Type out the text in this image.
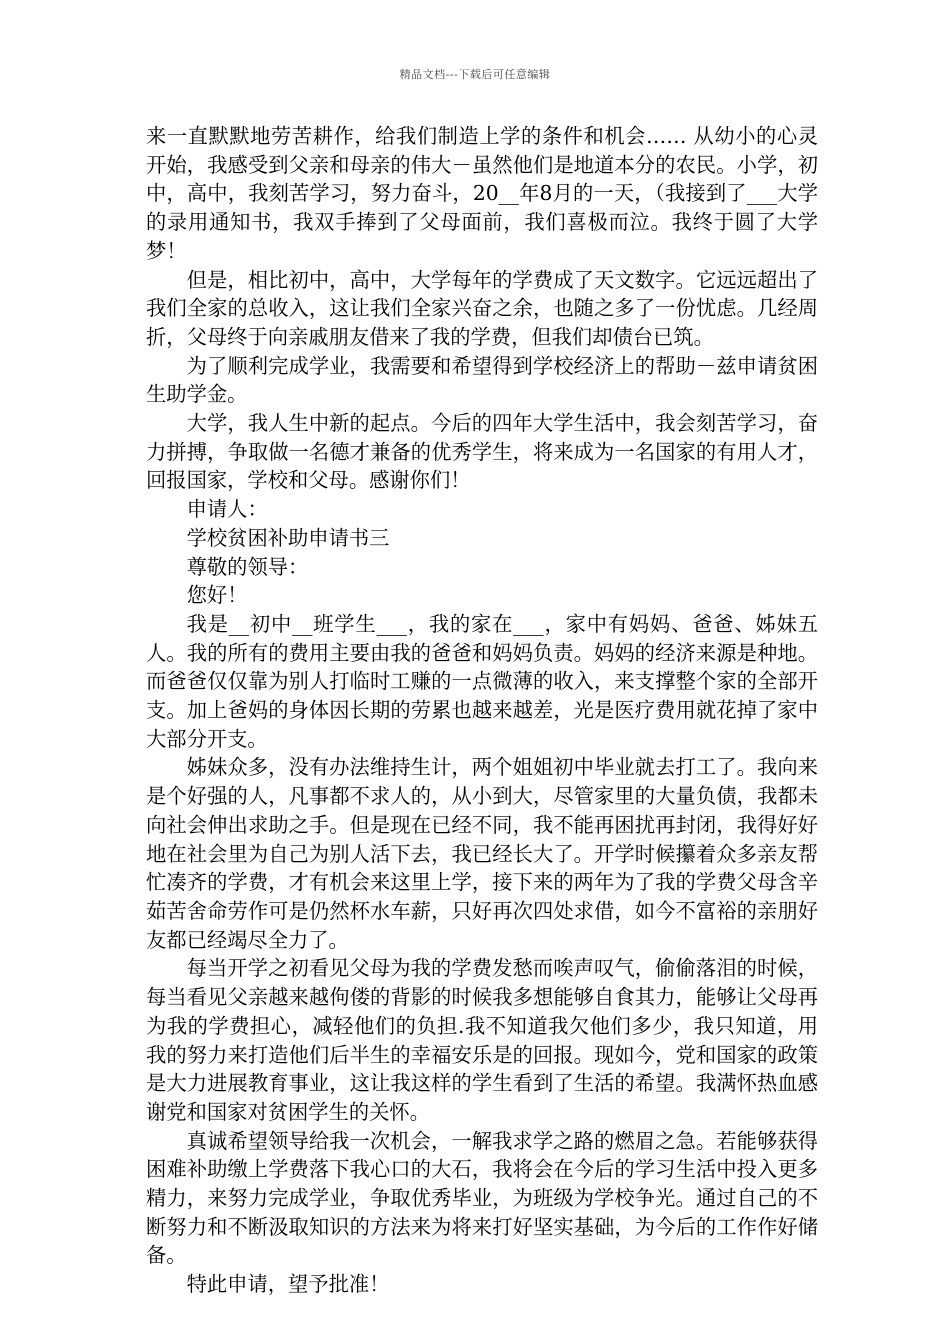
精品文档---下载后可任意编辑

来一直默默地劳苦耕作，给我们制造上学的条件和机会…… 从幼小的心灵开始，我感受到父亲和母亲的伟大－虽然他们是地道本分的农民。小学，初中，高中，我刻苦学习，努力奋斗，20__年8月的一天，（我接到了___大学的录用通知书，我双手捧到了父母面前，我们喜极而泣。我终于圆了大学梦！

但是，相比初中，高中，大学每年的学费成了天文数字。它远远超出了我们全家的总收入，这让我们全家兴奋之余，也随之多了一份忧虑。几经周折，父母终于向亲戚朋友借来了我的学费，但我们却债台已筑。

为了顺利完成学业，我需要和希望得到学校经济上的帮助－兹申请贫困生助学金。

大学，我人生中新的起点。今后的四年大学生活中，我会刻苦学习，奋力拼搏，争取做一名德才兼备的优秀学生，将来成为一名国家的有用人才，回报国家，学校和父母。感谢你们！

申请人：

学校贫困补助申请书三

尊敬的领导：

您好！

我是__初中__班学生___，我的家在___，家中有妈妈、爸爸、姊妹五人。我的所有的费用主要由我的爸爸和妈妈负责。妈妈的经济来源是种地。而爸爸仅仅靠为别人打临时工赚的一点微薄的收入，来支撑整个家的全部开支。加上爸妈的身体因长期的劳累也越来越差，光是医疗费用就花掉了家中大部分开支。

姊妹众多，没有办法维持生计，两个姐姐初中毕业就去打工了。我向来是个好强的人，凡事都不求人的，从小到大，尽管家里的大量负债，我都未向社会伸出求助之手。但是现在已经不同，我不能再困扰再封闭，我得好好地在社会里为自己为别人活下去，我已经长大了。开学时候攥着众多亲友帮忙凑齐的学费，才有机会来这里上学，接下来的两年为了我的学费父母含辛茹苦舍命劳作可是仍然杯水车薪，只好再次四处求借，如今不富裕的亲朋好友都已经竭尽全力了。

每当开学之初看见父母为我的学费发愁而唉声叹气，偷偷落泪的时候，每当看见父亲越来越佝偻的背影的时候我多想能够自食其力，能够让父母再为我的学费担心，减轻他们的负担.我不知道我欠他们多少，我只知道，用我的努力来打造他们后半生的幸福安乐是的回报。现如今，党和国家的政策是大力进展教育事业，这让我这样的学生看到了生活的希望。我满怀热血感谢党和国家对贫困学生的关怀。

真诚希望领导给我一次机会，一解我求学之路的燃眉之急。若能够获得困难补助缴上学费落下我心口的大石，我将会在今后的学习生活中投入更多精力，来努力完成学业，争取优秀毕业，为班级为学校争光。通过自己的不断努力和不断汲取知识的方法来为将来打好坚实基础，为今后的工作作好储备。

特此申请，望予批准！
